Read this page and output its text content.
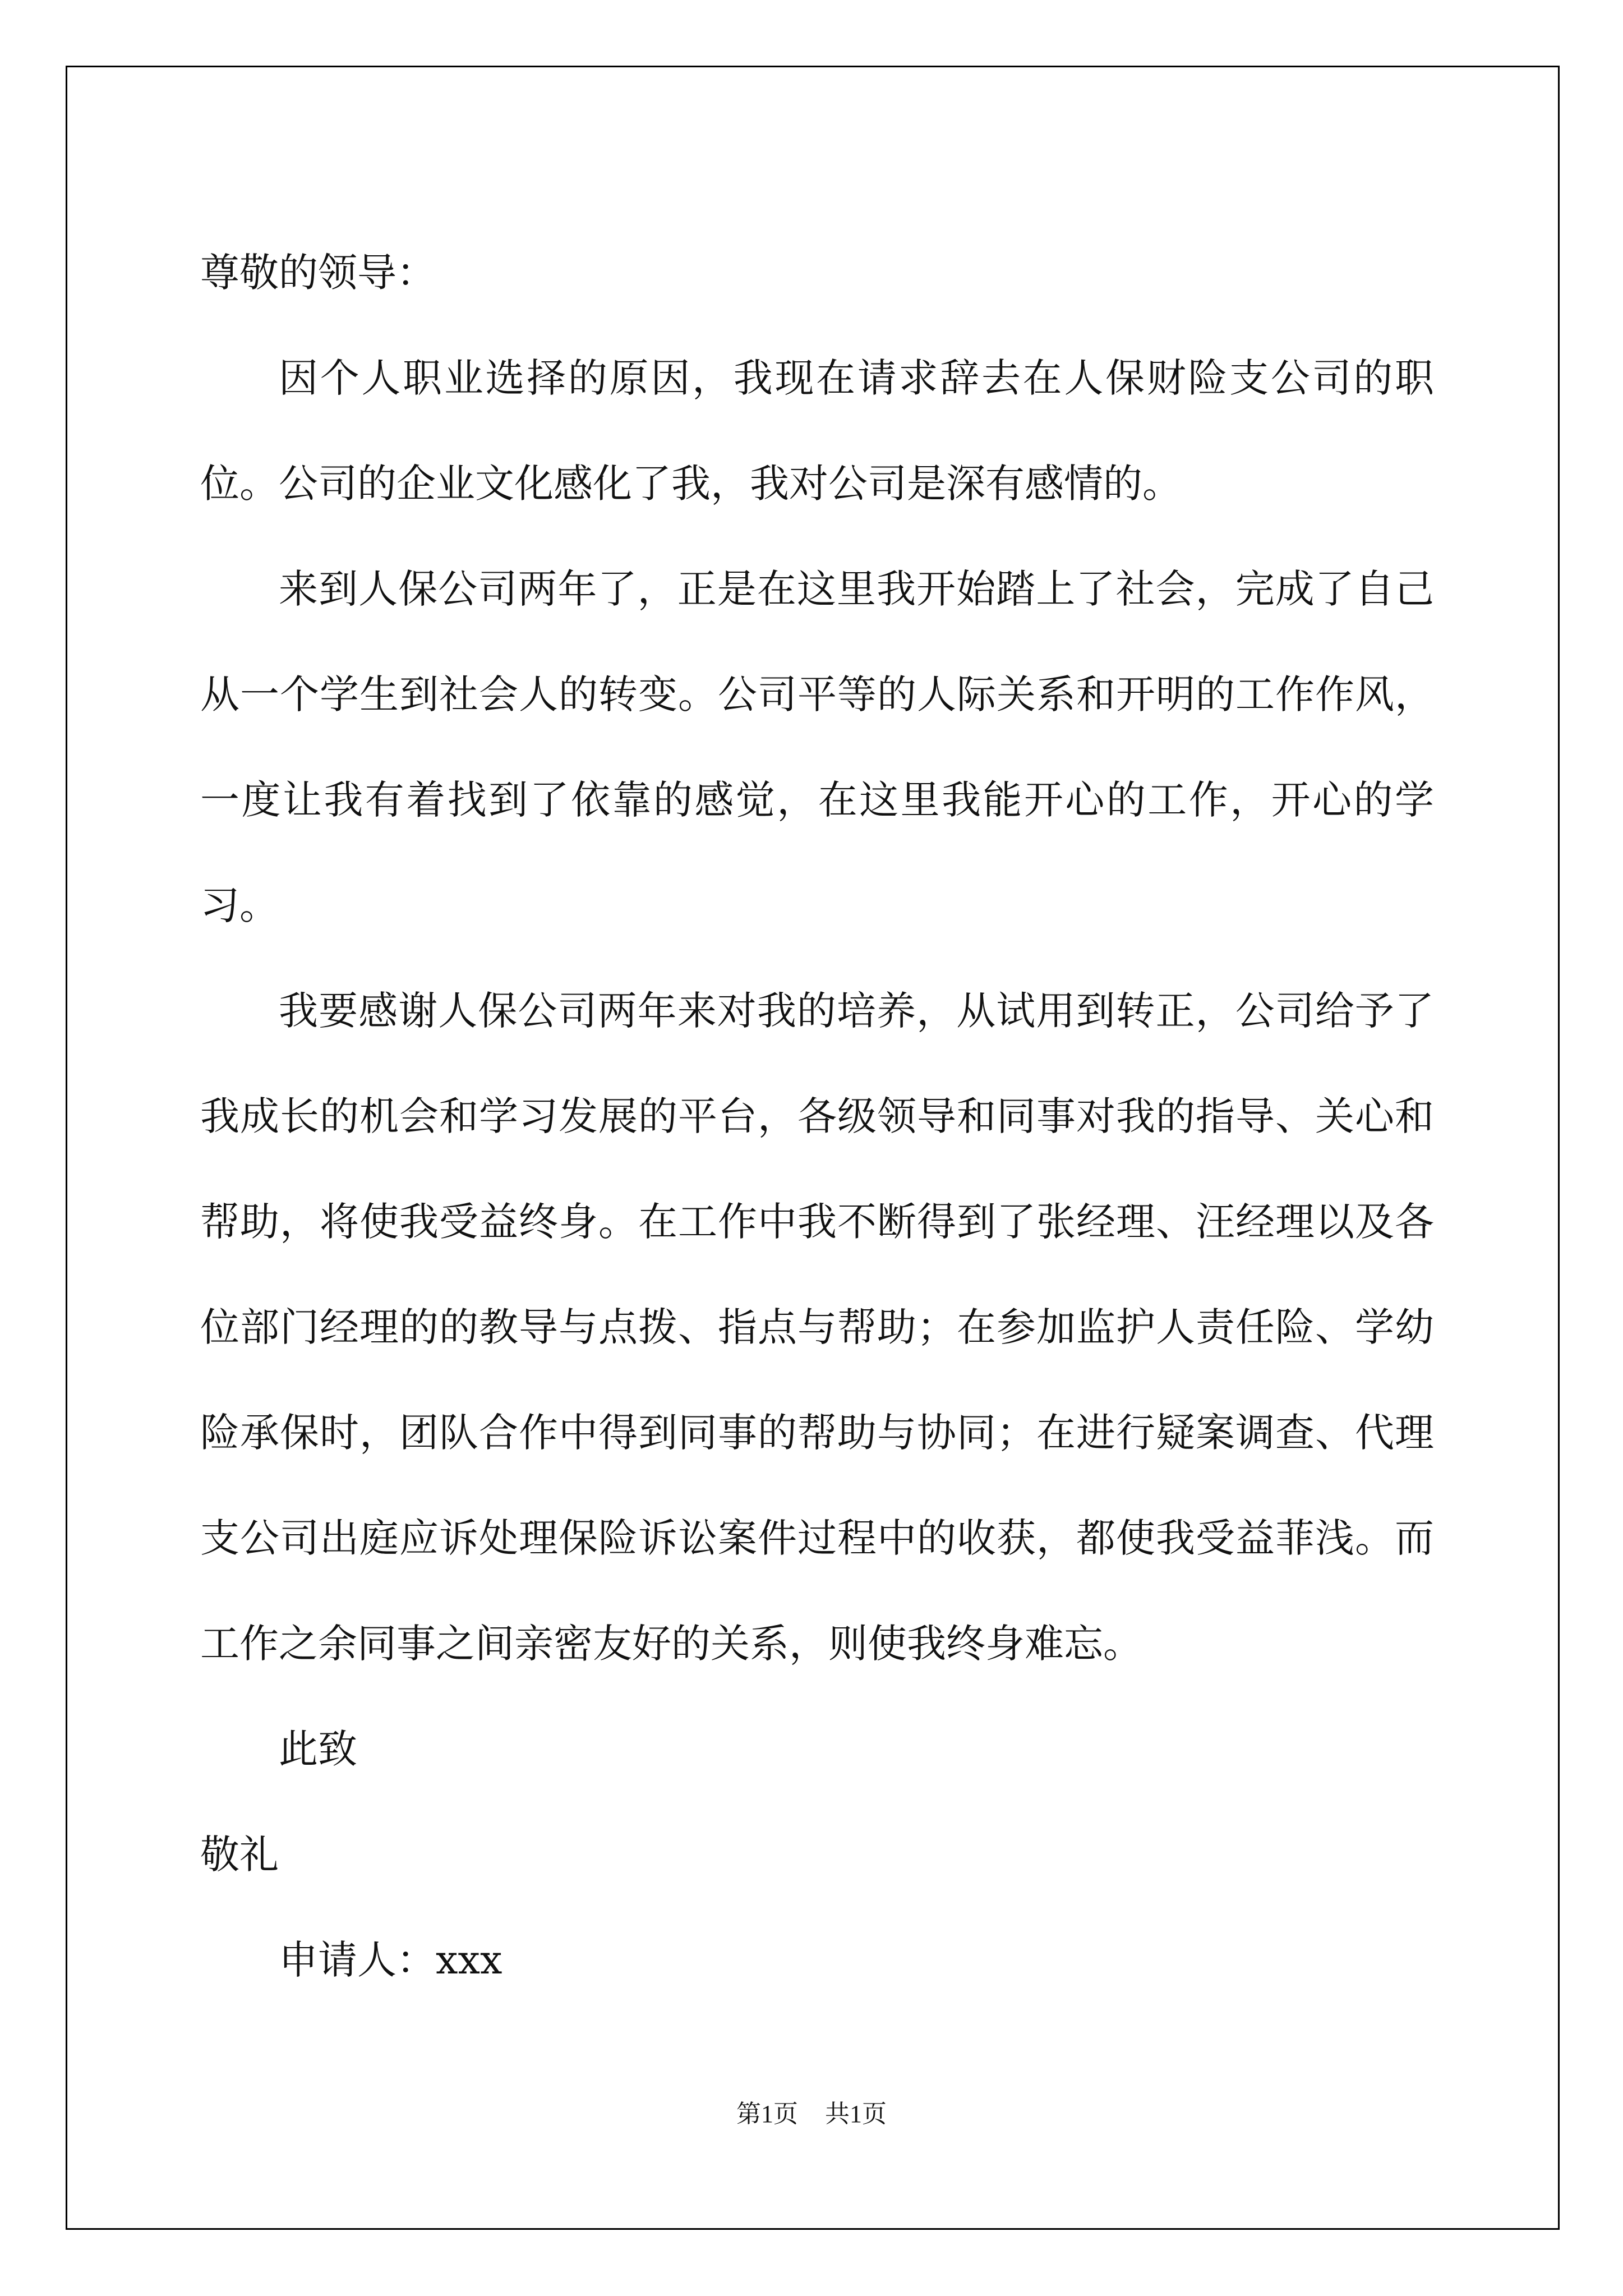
尊敬的领导：

因个人职业选择的原因，我现在请求辞去在人保财险支公司的职位。公司的企业文化感化了我，我对公司是深有感情的。

来到人保公司两年了，正是在这里我开始踏上了社会，完成了自己从一个学生到社会人的转变。公司平等的人际关系和开明的工作作风，一度让我有着找到了依靠的感觉，在这里我能开心的工作，开心的学习。

我要感谢人保公司两年来对我的培养，从试用到转正，公司给予了我成长的机会和学习发展的平台，各级领导和同事对我的指导、关心和帮助，将使我受益终身。在工作中我不断得到了张经理、汪经理以及各位部门经理的的教导与点拨、指点与帮助；在参加监护人责任险、学幼险承保时，团队合作中得到同事的帮助与协同；在进行疑案调查、代理支公司出庭应诉处理保险诉讼案件过程中的收获，都使我受益菲浅。而工作之余同事之间亲密友好的关系，则使我终身难忘。

此致

敬礼

申请人：xxx

第1页 共1页
